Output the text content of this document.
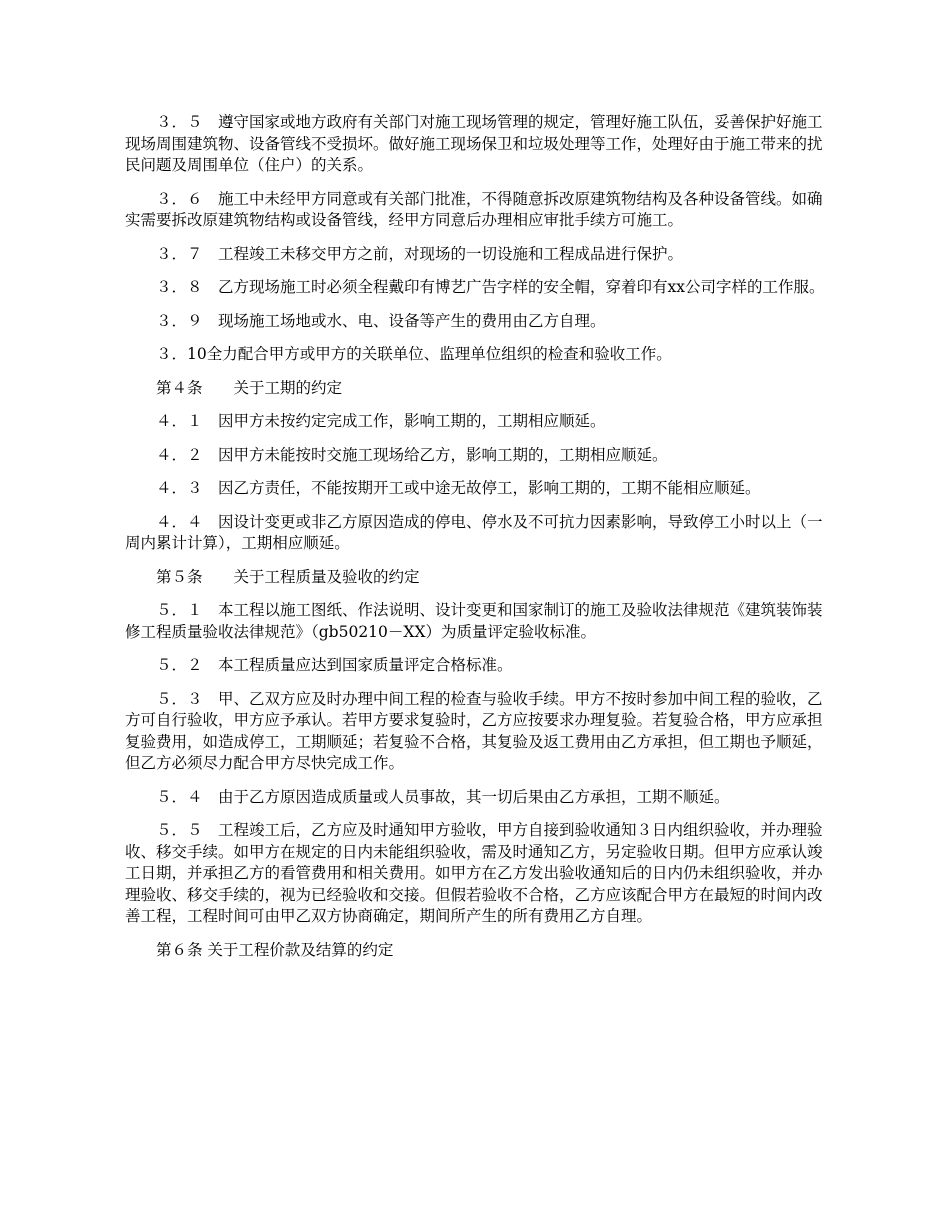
３．５　遵守国家或地方政府有关部门对施工现场管理的规定，管理好施工队伍，妥善保护好施工现场周围建筑物、设备管线不受损坏。做好施工现场保卫和垃圾处理等工作，处理好由于施工带来的扰民问题及周围单位（住户）的关系。

３．６　施工中未经甲方同意或有关部门批准，不得随意拆改原建筑物结构及各种设备管线。如确实需要拆改原建筑物结构或设备管线，经甲方同意后办理相应审批手续方可施工。

３．７　工程竣工未移交甲方之前，对现场的一切设施和工程成品进行保护。

３．８　乙方现场施工时必须全程戴印有博艺广告字样的安全帽，穿着印有xx公司字样的工作服。

３．９　现场施工场地或水、电、设备等产生的费用由乙方自理。

３．10全力配合甲方或甲方的关联单位、监理单位组织的检查和验收工作。

第４条　　关于工期的约定

４．１　因甲方未按约定完成工作，影响工期的，工期相应顺延。

４．２　因甲方未能按时交施工现场给乙方，影响工期的，工期相应顺延。

４．３　因乙方责任，不能按期开工或中途无故停工，影响工期的，工期不能相应顺延。

４．４　因设计变更或非乙方原因造成的停电、停水及不可抗力因素影响，导致停工小时以上（一周内累计计算），工期相应顺延。

第５条　　关于工程质量及验收的约定

５．１　本工程以施工图纸、作法说明、设计变更和国家制订的施工及验收法律规范《建筑装饰装修工程质量验收法律规范》（gb50210－XX）为质量评定验收标准。

５．２　本工程质量应达到国家质量评定合格标准。

５．３　甲、乙双方应及时办理中间工程的检查与验收手续。甲方不按时参加中间工程的验收，乙方可自行验收，甲方应予承认。若甲方要求复验时，乙方应按要求办理复验。若复验合格，甲方应承担复验费用，如造成停工，工期顺延；若复验不合格，其复验及返工费用由乙方承担，但工期也予顺延，但乙方必须尽力配合甲方尽快完成工作。

５．４　由于乙方原因造成质量或人员事故，其一切后果由乙方承担，工期不顺延。

５．５　工程竣工后，乙方应及时通知甲方验收，甲方自接到验收通知３日内组织验收，并办理验收、移交手续。如甲方在规定的日内未能组织验收，需及时通知乙方，另定验收日期。但甲方应承认竣工日期，并承担乙方的看管费用和相关费用。如甲方在乙方发出验收通知后的日内仍未组织验收，并办理验收、移交手续的，视为已经验收和交接。但假若验收不合格，乙方应该配合甲方在最短的时间内改善工程，工程时间可由甲乙双方协商确定，期间所产生的所有费用乙方自理。

第６条 关于工程价款及结算的约定
